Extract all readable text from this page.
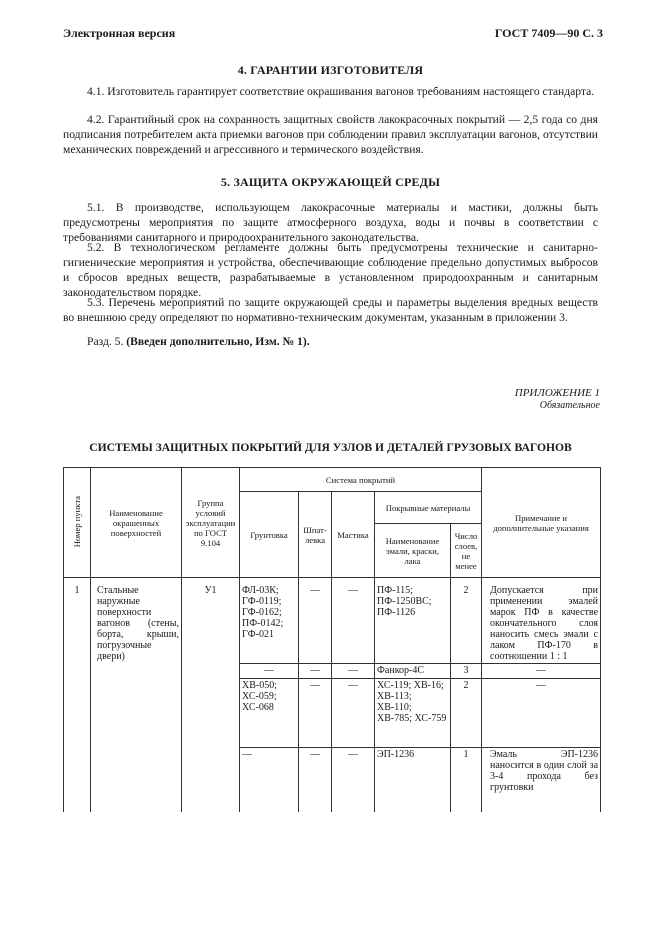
Электронная версия	ГОСТ 7409—90 С. 3
4. ГАРАНТИИ ИЗГОТОВИТЕЛЯ
4.1. Изготовитель гарантирует соответствие окрашивания вагонов требованиям настоящего стандарта.
4.2. Гарантийный срок на сохранность защитных свойств лакокрасочных покрытий — 2,5 года со дня подписания потребителем акта приемки вагонов при соблюдении правил эксплуатации вагонов, отсутствии механических повреждений и агрессивного и термического воздействия.
5. ЗАЩИТА ОКРУЖАЮЩЕЙ СРЕДЫ
5.1. В производстве, использующем лакокрасочные материалы и мастики, должны быть предусмотрены мероприятия по защите атмосферного воздуха, воды и почвы в соответствии с требованиями санитарного и природоохранительного законодательства.
5.2. В технологическом регламенте должны быть предусмотрены технические и санитарно-гигиенические мероприятия и устройства, обеспечивающие соблюдение предельно допустимых выбросов и сбросов вредных веществ, разрабатываемые в установленном природоохранным и санитарным законодательством порядке.
5.3. Перечень мероприятий по защите окружающей среды и параметры выделения вредных веществ во внешнюю среду определяют по нормативно-техническим документам, указанным в приложении 3.
Разд. 5. (Введен дополнительно, Изм. № 1).
ПРИЛОЖЕНИЕ 1
Обязательное
СИСТЕМЫ ЗАЩИТНЫХ ПОКРЫТИЙ ДЛЯ УЗЛОВ И ДЕТАЛЕЙ ГРУЗОВЫХ ВАГОНОВ
Номер пункта	Наименование окрашенных поверхностей	Группа условий эксплуатации по ГОСТ 9.104	Система покрытий					Примечание и дополнительные указания
			Грунтовка	Шпат-левка	Мастика	Покрывные материалы		
						Наименование эмали, краски, лака	Число слоев, не менее	

1	Стальные наружные поверхности вагонов (стены, борта, крыши, погрузочные двери)	У1	ФЛ-03К; ГФ-0119; ГФ-0162; ПФ-0142; ГФ-021	—	—	ПФ-115; ПФ-1250ВС; ПФ-1126	2	Допускается при применении эмалей марок ПФ в качестве окончательного слоя наносить смесь эмали с лаком ПФ-170 в соотношении 1 : 1
			—	—	—	Фанкор-4С	3	—
			ХВ-050; ХС-059; ХС-068	—	—	ХС-119; ХВ-16; ХВ-113; ХВ-110; ХВ-785; ХС-759	2	—
			—	—	—	ЭП-1236	1	Эмаль ЭП-1236 наносится в один слой за 3-4 прохода без грунтовки
